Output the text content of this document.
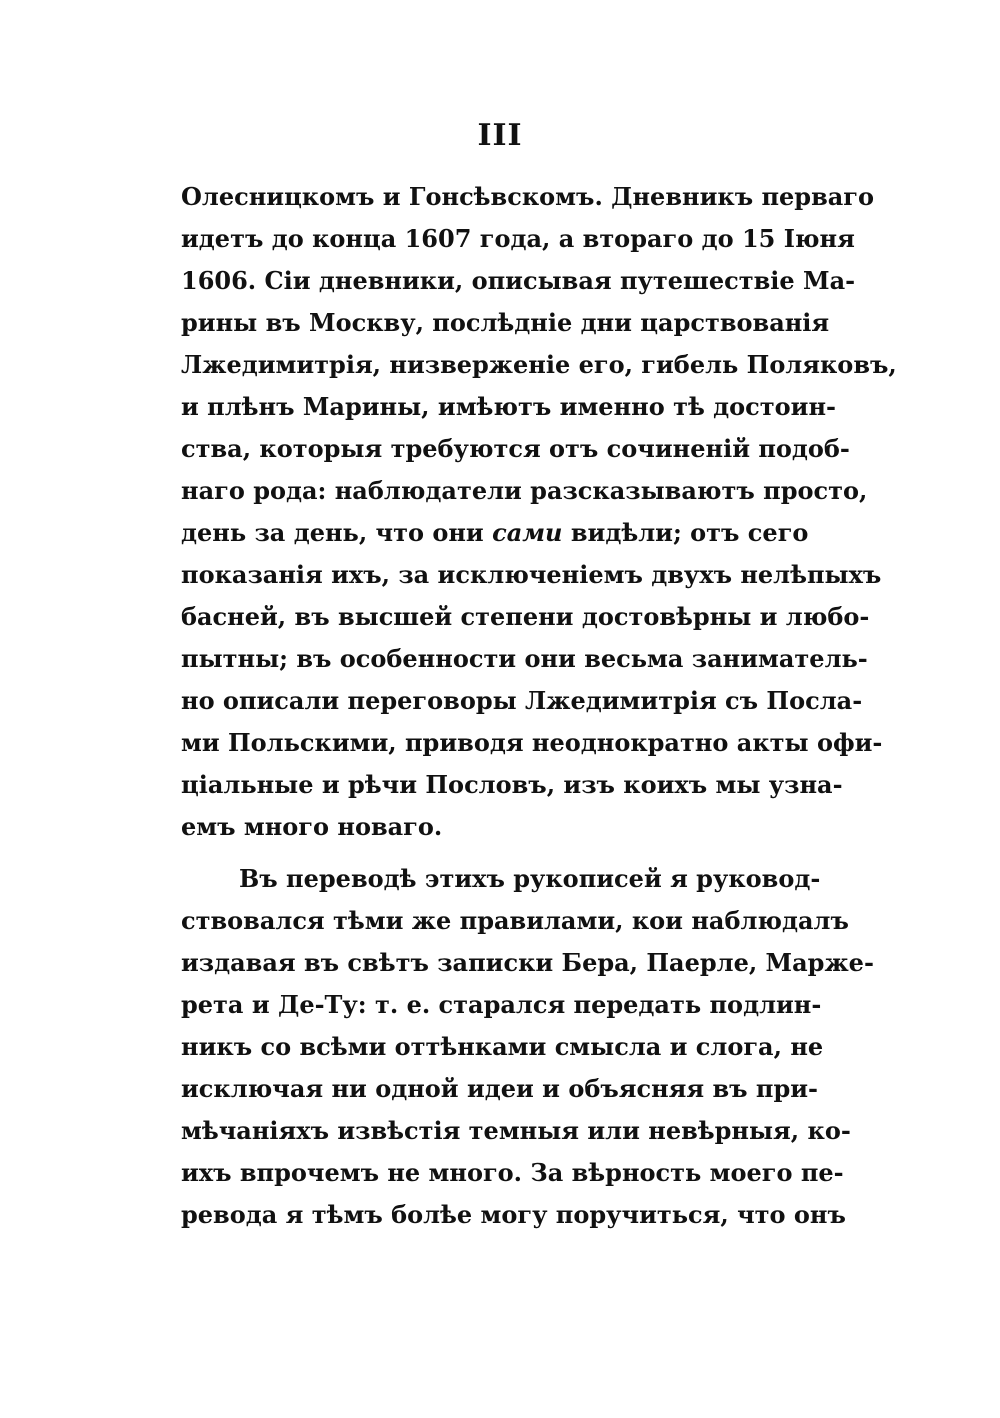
III
Олесницкомъ и Гонсѣвскомъ. Дневникъ перваго
идетъ до конца 1607 года, а втораго до 15 Іюня
1606. Сіи дневники, описывая путешествіе Ма-
рины въ Москву, послѣдніе дни царствованія
Лжедимитрія, низверженіе его, гибель Поляковъ,
и плѣнъ Марины, имѣютъ именно тѣ достоин-
ства, которыя требуются отъ сочиненій подоб-
наго рода: наблюдатели разсказываютъ просто,
день за день, что они сами видѣли; отъ сего
показанія ихъ, за исключеніемъ двухъ нелѣпыхъ
басней, въ высшей степени достовѣрны и любо-
пытны; въ особенности они весьма заниматель-
но описали переговоры Лжедимитрія съ Посла-
ми Польскими, приводя неоднократно акты офи-
ціальные и рѣчи Пословъ, изъ коихъ мы узна-
емъ много новаго.
Въ переводѣ этихъ рукописей я руковод-
ствовался тѣми же правилами, кои наблюдалъ
издавая въ свѣтъ записки Бера, Паерле, Марже-
рета и Де-Ту: т. е. старался передать подлин-
никъ со всѣми оттѣнками смысла и слога, не
исключая ни одной идеи и объясняя въ при-
мѣчаніяхъ извѣстія темныя или невѣрныя, ко-
ихъ впрочемъ не много. За вѣрность моего пе-
ревода я тѣмъ болѣе могу поручиться, что онъ
